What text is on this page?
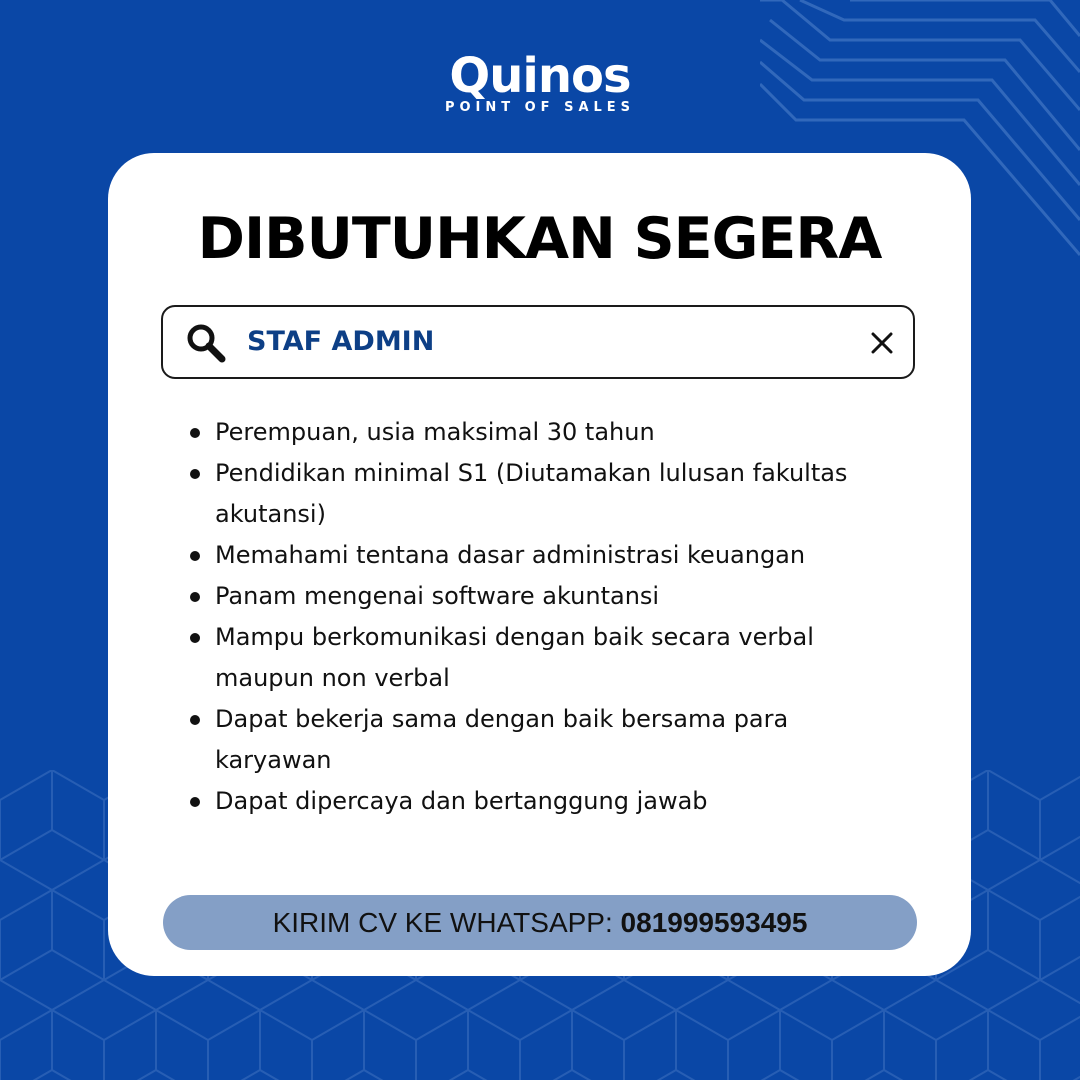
Quinos
POINT OF SALES
DIBUTUHKAN SEGERA
STAF ADMIN
Perempuan, usia maksimal 30 tahun
Pendidikan minimal S1 (Diutamakan lulusan fakultas akutansi)
Memahami tentana dasar administrasi keuangan
Panam mengenai software akuntansi
Mampu berkomunikasi dengan baik secara verbal maupun non verbal
Dapat bekerja sama dengan baik bersama para karyawan
Dapat dipercaya dan bertanggung jawab
KIRIM CV KE WHATSAPP: 081999593495
